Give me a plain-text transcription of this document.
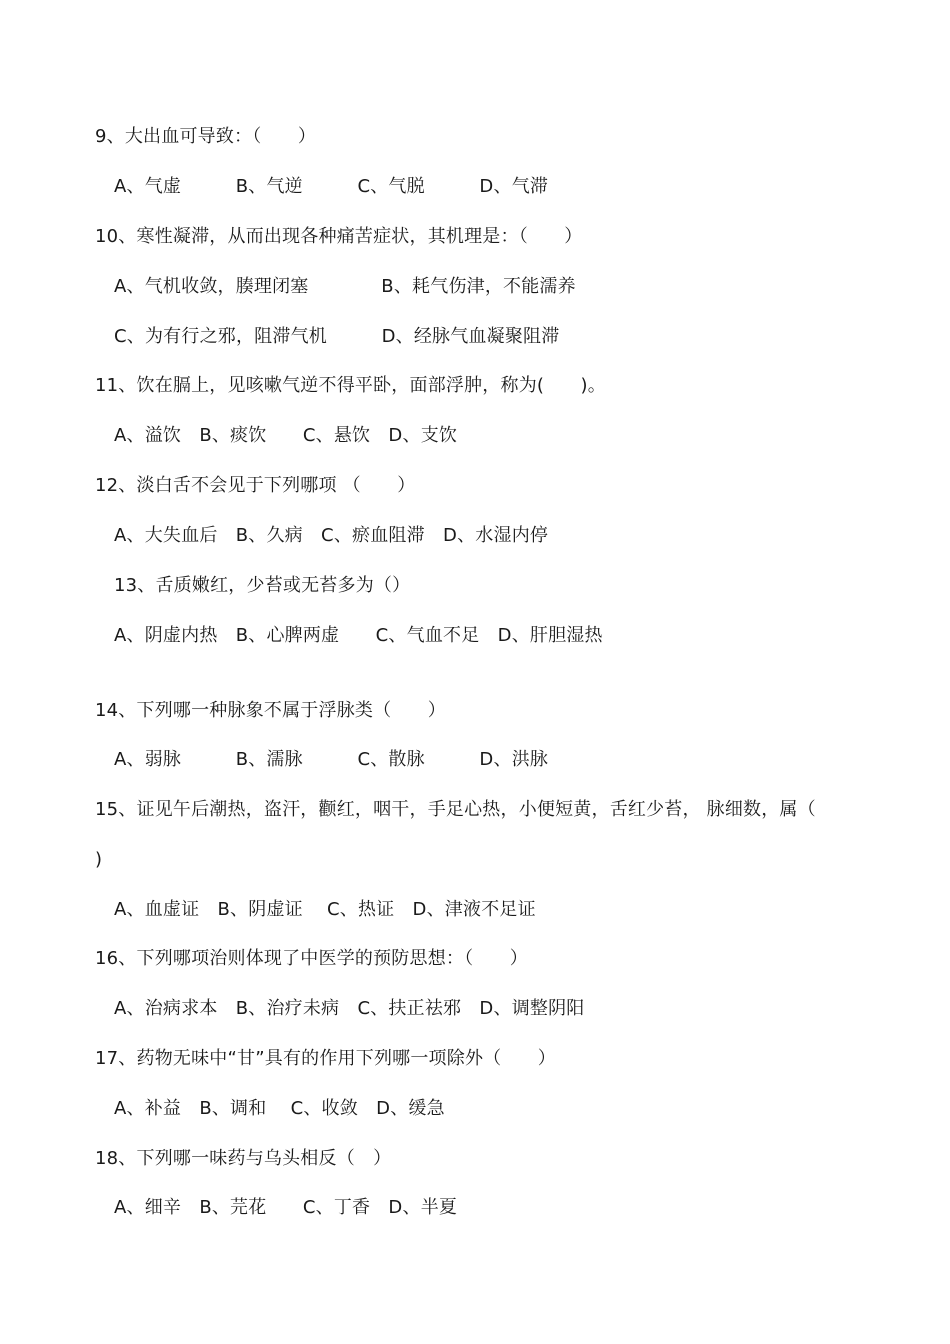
9、大出血可导致：（　　）
A、气虚　　　B、气逆　　　C、气脱　　　D、气滞
10、寒性凝滞，从而出现各种痛苦症状，其机理是：（　　）
A、气机收敛，腠理闭塞　　　　B、耗气伤津，不能濡养
C、为有行之邪，阻滞气机　　　D、经脉气血凝聚阻滞
11、饮在膈上，见咳嗽气逆不得平卧，面部浮肿，称为(　　)。
A、溢饮　B、痰饮　　C、悬饮　D、支饮
12、淡白舌不会见于下列哪项 （　　）
A、大失血后　B、久病　C、瘀血阻滞　D、水湿内停
13、舌质嫩红，少苔或无苔多为（）
A、阴虚内热　B、心脾两虚　　C、气血不足　D、肝胆湿热
14、下列哪一种脉象不属于浮脉类（　　）
A、弱脉　　　B、濡脉　　　C、散脉　　　D、洪脉
15、证见午后潮热，盗汗，颧红，咽干，手足心热，小便短黄，舌红少苔， 脉细数，属（
)
A、血虚证　B、阴虚证　 C、热证　D、津液不足证
16、下列哪项治则体现了中医学的预防思想：（　　）
A、治病求本　B、治疗未病　C、扶正祛邪　D、调整阴阳
17、药物无味中“甘”具有的作用下列哪一项除外（　　）
A、补益　B、调和　 C、收敛　D、缓急
18、下列哪一味药与乌头相反（　）
A、细辛　B、芫花　　C、丁香　D、半夏
